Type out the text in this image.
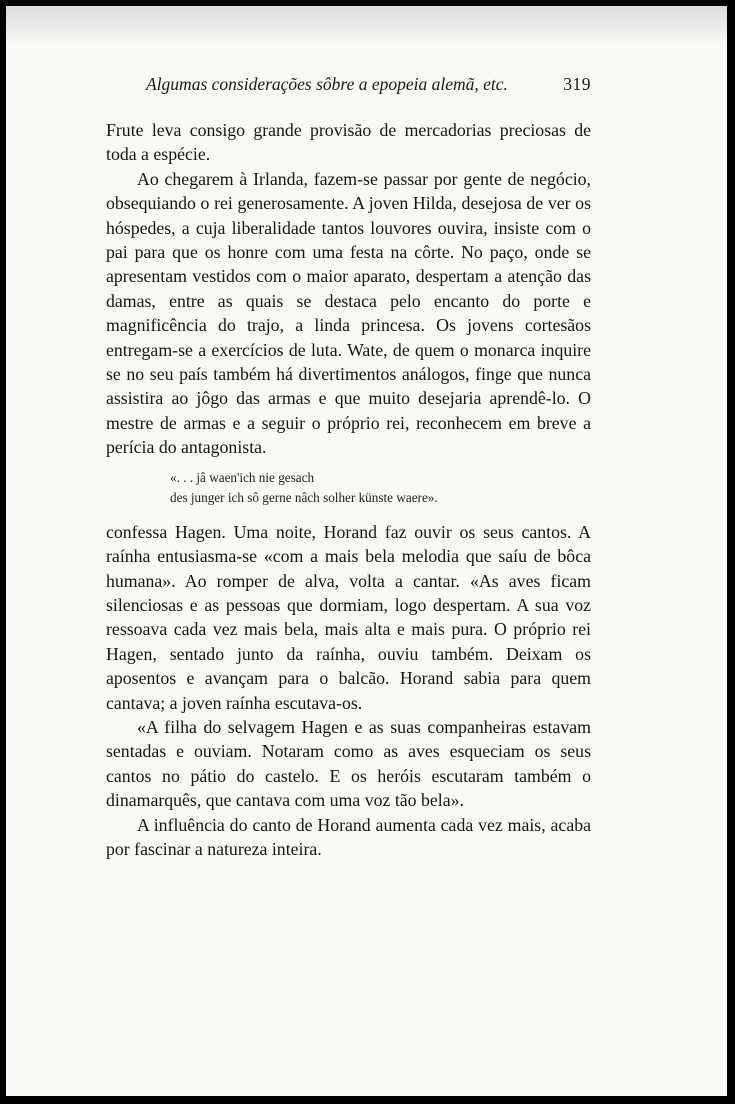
Algumas considerações sôbre a epopeia alemã, etc.	319

Frute leva consigo grande provisão de mercadorias preciosas de toda a espécie.

Ao chegarem à Irlanda, fazem-se passar por gente de negócio, obsequiando o rei generosamente. A joven Hilda, desejosa de ver os hóspedes, a cuja liberalidade tantos louvores ouvira, insiste com o pai para que os honre com uma festa na côrte. No paço, onde se apresentam vestidos com o maior aparato, despertam a atenção das damas, entre as quais se destaca pelo encanto do porte e magnificência do trajo, a linda princesa. Os jovens cortesãos entregam-se a exercícios de luta. Wate, de quem o monarca inquire se no seu país também há divertimentos análogos, finge que nunca assistira ao jôgo das armas e que muito desejaria aprendê-lo. O mestre de armas e a seguir o próprio rei, reconhecem em breve a perícia do antagonista.

«. . . jâ waen'ich nie gesach
des junger ich sô gerne nâch solher künste waere».

confessa Hagen. Uma noite, Horand faz ouvir os seus cantos. A raínha entusiasma-se «com a mais bela melodia que saíu de bôca humana». Ao romper de alva, volta a cantar. «As aves ficam silenciosas e as pessoas que dormiam, logo despertam. A sua voz ressoava cada vez mais bela, mais alta e mais pura. O próprio rei Hagen, sentado junto da raínha, ouviu também. Deixam os aposentos e avançam para o balcão. Horand sabia para quem cantava; a joven raínha escutava-os.

«A filha do selvagem Hagen e as suas companheiras estavam sentadas e ouviam. Notaram como as aves esqueciam os seus cantos no pátio do castelo. E os heróis escutaram também o dinamarquês, que cantava com uma voz tão bela».

A influência do canto de Horand aumenta cada vez mais, acaba por fascinar a natureza inteira.
